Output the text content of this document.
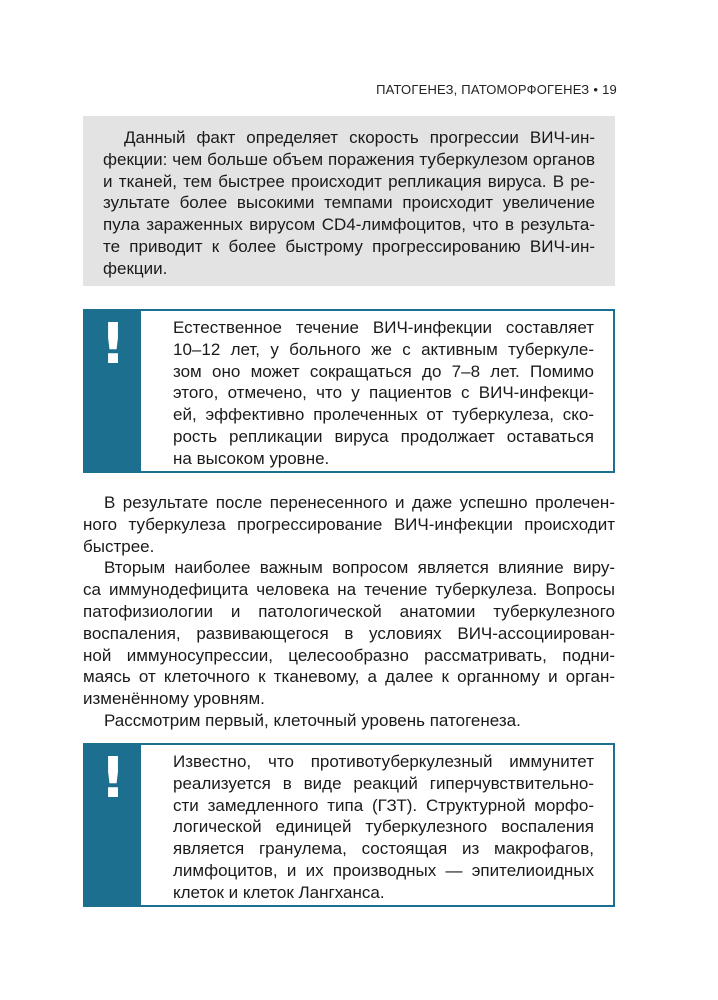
ПАТОГЕНЕЗ, ПАТОМОРФОГЕНЕЗ • 19
Данный факт определяет скорость прогрессии ВИЧ-ин-
фекции: чем больше объем поражения туберкулезом органов
и тканей, тем быстрее происходит репликация вируса. В ре-
зультате более высокими темпами происходит увеличение
пула зараженных вирусом CD4-лимфоцитов, что в результа-
те приводит к более быстрому прогрессированию ВИЧ-ин-
фекции.
!	Естественное течение ВИЧ-инфекции составляет
10–12 лет, у больного же с активным туберкуле-
зом оно может сокращаться до 7–8 лет. Помимо
этого, отмечено, что у пациентов с ВИЧ-инфекци-
ей, эффективно пролеченных от туберкулеза, ско-
рость репликации вируса продолжает оставаться
на высоком уровне.
В результате после перенесенного и даже успешно пролечен-
ного туберкулеза прогрессирование ВИЧ-инфекции происходит
быстрее.
Вторым наиболее важным вопросом является влияние виру-
са иммунодефицита человека на течение туберкулеза. Вопросы
патофизиологии и патологической анатомии туберкулезного
воспаления, развивающегося в условиях ВИЧ-ассоциирован-
ной иммуносупрессии, целесообразно рассматривать, подни-
маясь от клеточного к тканевому, а далее к органному и орган-
изменённому уровням.
Рассмотрим первый, клеточный уровень патогенеза.
!	Известно, что противотуберкулезный иммунитет
реализуется в виде реакций гиперчувствительно-
сти замедленного типа (ГЗТ). Структурной морфо-
логической единицей туберкулезного воспаления
является гранулема, состоящая из макрофагов,
лимфоцитов, и их производных — эпителиоидных
клеток и клеток Лангханса.
